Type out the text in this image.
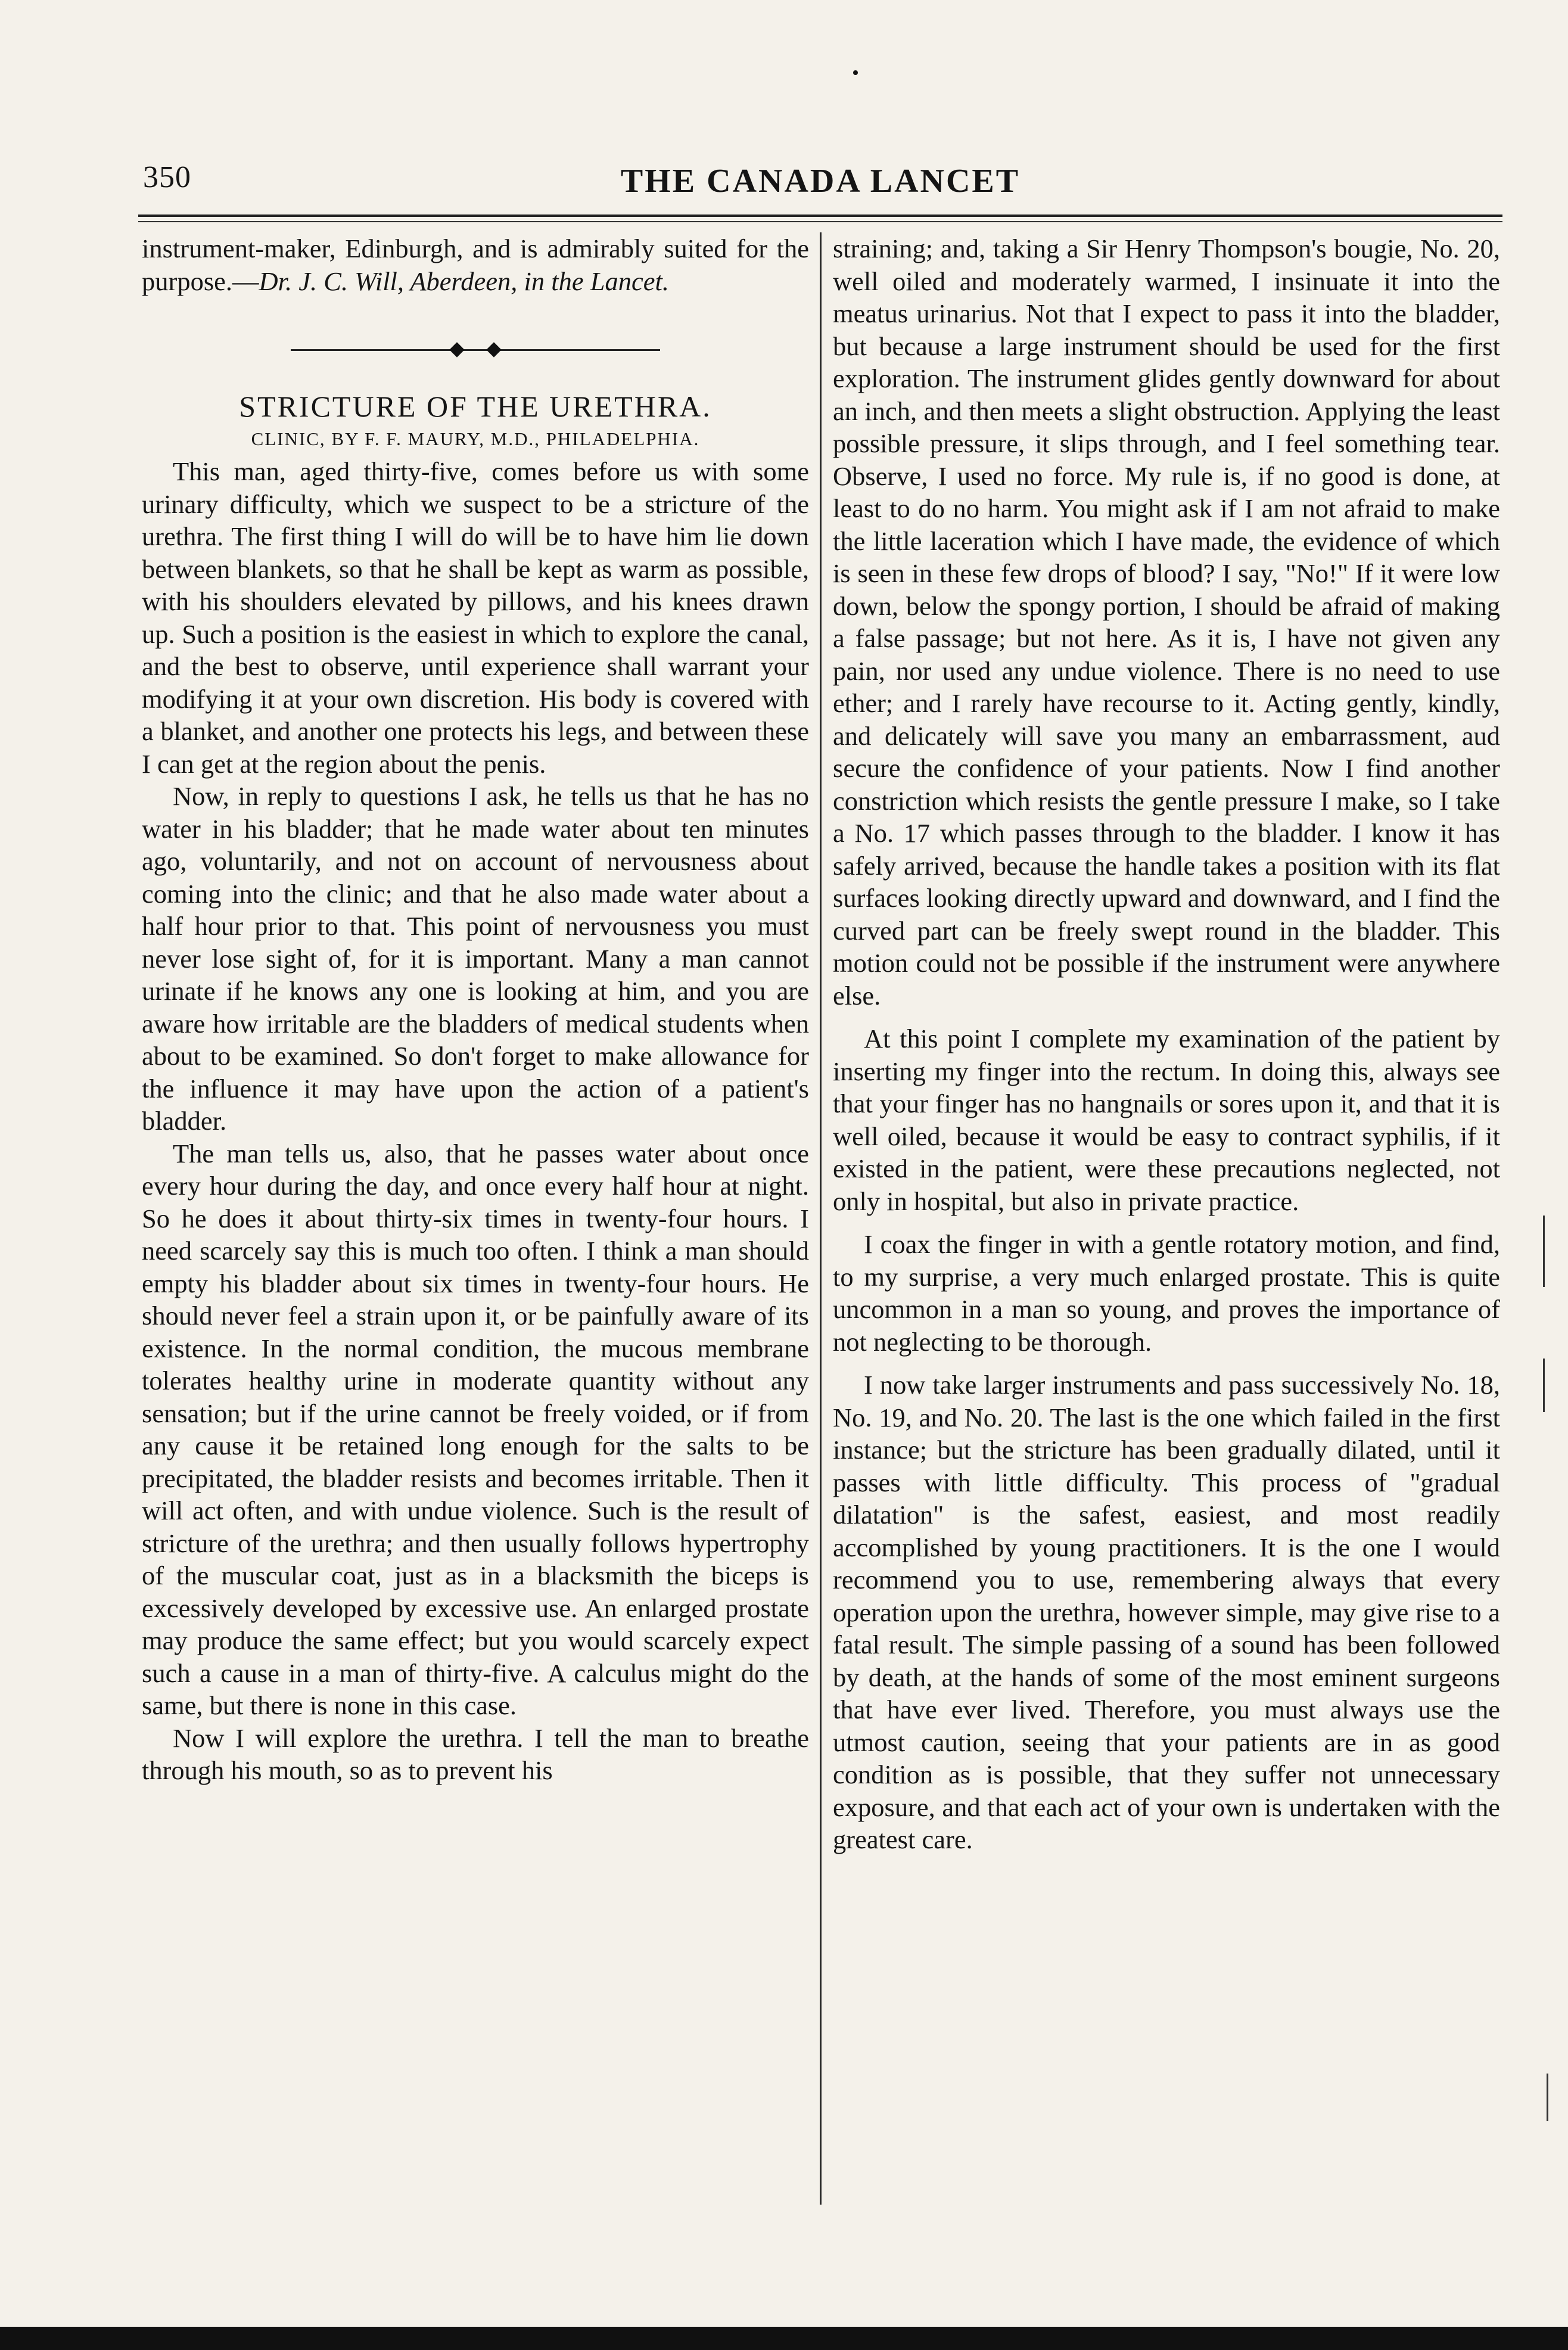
350	THE CANADA LANCET

instrument-maker, Edinburgh, and is admirably suited for the purpose.—Dr. J. C. Will, Aberdeen, in the Lancet.

STRICTURE OF THE URETHRA.

CLINIC, BY F. F. MAURY, M.D., PHILADELPHIA.

This man, aged thirty-five, comes before us with some urinary difficulty, which we suspect to be a stricture of the urethra. The first thing I will do will be to have him lie down between blankets, so that he shall be kept as warm as possible, with his shoulders elevated by pillows, and his knees drawn up. Such a position is the easiest in which to explore the canal, and the best to observe, until experience shall warrant your modifying it at your own discretion. His body is covered with a blanket, and another one protects his legs, and between these I can get at the region about the penis.

Now, in reply to questions I ask, he tells us that he has no water in his bladder; that he made water about ten minutes ago, voluntarily, and not on account of nervousness about coming into the clinic; and that he also made water about a half hour prior to that. This point of nervousness you must never lose sight of, for it is important. Many a man cannot urinate if he knows any one is looking at him, and you are aware how irritable are the bladders of medical students when about to be examined. So don't forget to make allowance for the influence it may have upon the action of a patient's bladder.

The man tells us, also, that he passes water about once every hour during the day, and once every half hour at night. So he does it about thirty-six times in twenty-four hours. I need scarcely say this is much too often. I think a man should empty his bladder about six times in twenty-four hours. He should never feel a strain upon it, or be painfully aware of its existence. In the normal condition, the mucous membrane tolerates healthy urine in moderate quantity without any sensation; but if the urine cannot be freely voided, or if from any cause it be retained long enough for the salts to be precipitated, the bladder resists and becomes irritable. Then it will act often, and with undue violence. Such is the result of stricture of the urethra; and then usually follows hypertrophy of the muscular coat, just as in a blacksmith the biceps is excessively developed by excessive use. An enlarged prostate may produce the same effect; but you would scarcely expect such a cause in a man of thirty-five. A calculus might do the same, but there is none in this case.

Now I will explore the urethra. I tell the man to breathe through his mouth, so as to prevent his

straining; and, taking a Sir Henry Thompson's bougie, No. 20, well oiled and moderately warmed, I insinuate it into the meatus urinarius. Not that I expect to pass it into the bladder, but because a large instrument should be used for the first exploration. The instrument glides gently downward for about an inch, and then meets a slight obstruction. Applying the least possible pressure, it slips through, and I feel something tear. Observe, I used no force. My rule is, if no good is done, at least to do no harm. You might ask if I am not afraid to make the little laceration which I have made, the evidence of which is seen in these few drops of blood? I say, "No!" If it were low down, below the spongy portion, I should be afraid of making a false passage; but not here. As it is, I have not given any pain, nor used any undue violence. There is no need to use ether; and I rarely have recourse to it. Acting gently, kindly, and delicately will save you many an embarrassment, aud secure the confidence of your patients. Now I find another constriction which resists the gentle pressure I make, so I take a No. 17 which passes through to the bladder. I know it has safely arrived, because the handle takes a position with its flat surfaces looking directly upward and downward, and I find the curved part can be freely swept round in the bladder. This motion could not be possible if the instrument were anywhere else.

At this point I complete my examination of the patient by inserting my finger into the rectum. In doing this, always see that your finger has no hangnails or sores upon it, and that it is well oiled, because it would be easy to contract syphilis, if it existed in the patient, were these precautions neglected, not only in hospital, but also in private practice.

I coax the finger in with a gentle rotatory motion, and find, to my surprise, a very much enlarged prostate. This is quite uncommon in a man so young, and proves the importance of not neglecting to be thorough.

I now take larger instruments and pass successively No. 18, No. 19, and No. 20. The last is the one which failed in the first instance; but the stricture has been gradually dilated, until it passes with little difficulty. This process of "gradual dilatation" is the safest, easiest, and most readily accomplished by young practitioners. It is the one I would recommend you to use, remembering always that every operation upon the urethra, however simple, may give rise to a fatal result. The simple passing of a sound has been followed by death, at the hands of some of the most eminent surgeons that have ever lived. Therefore, you must always use the utmost caution, seeing that your patients are in as good condition as is possible, that they suffer not unnecessary exposure, and that each act of your own is undertaken with the greatest care.
